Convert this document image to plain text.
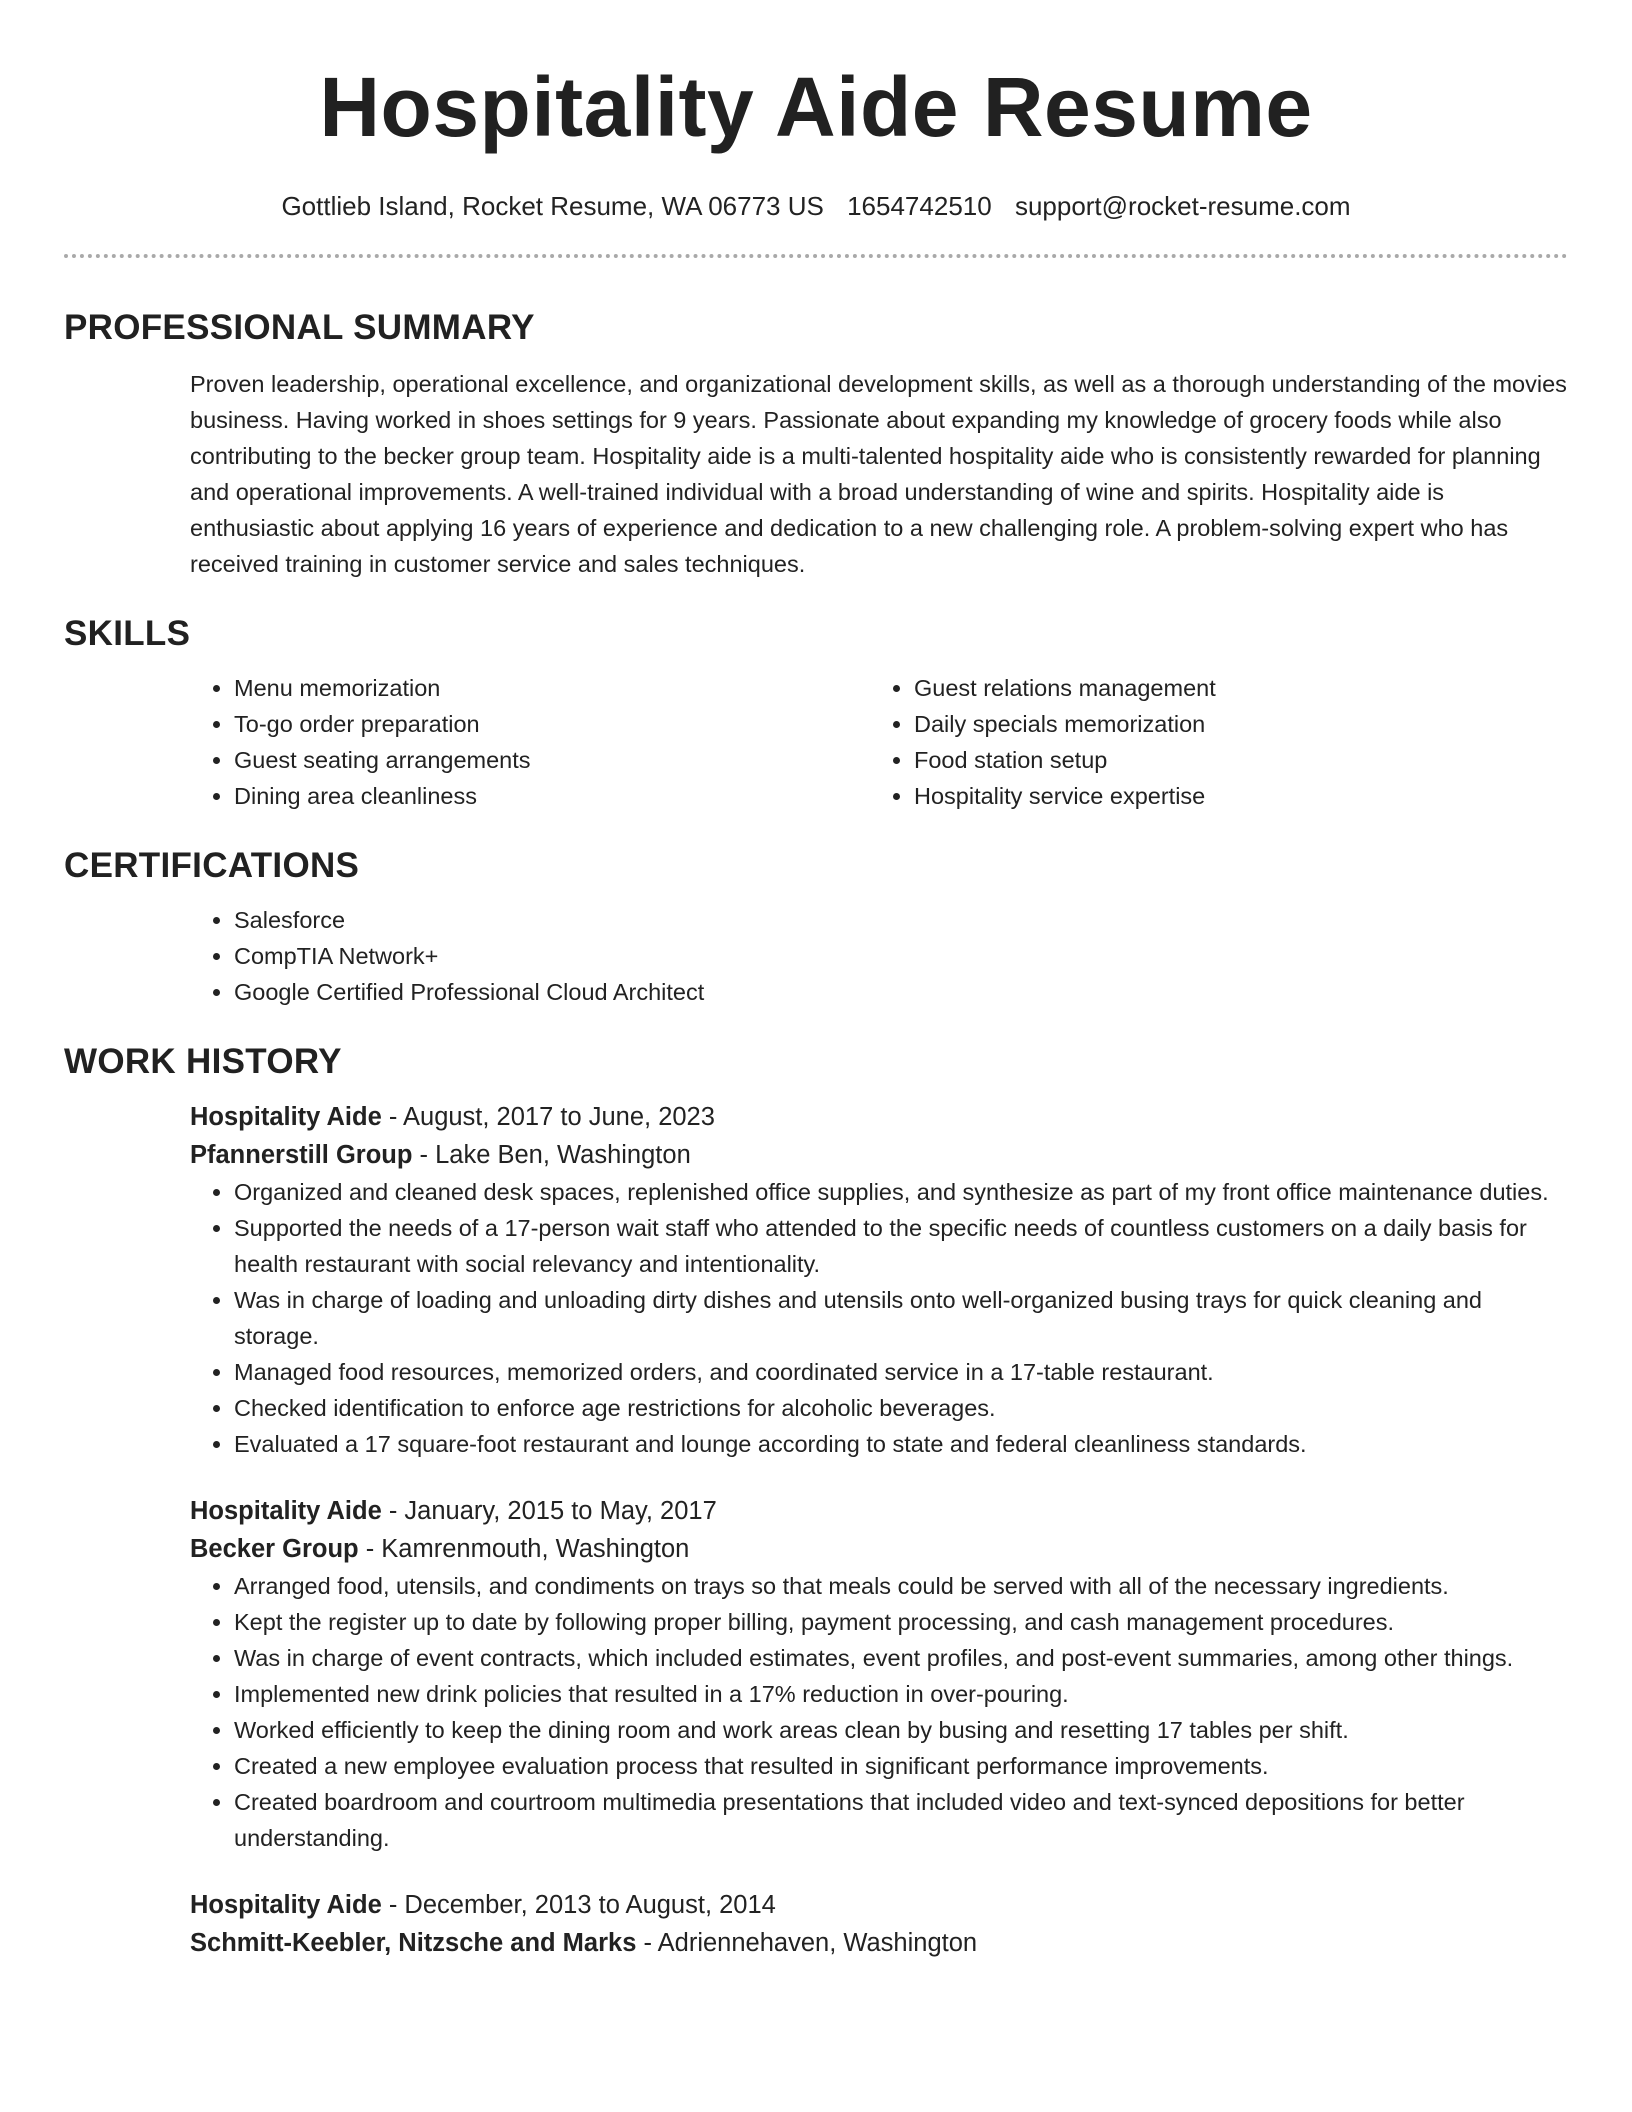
Hospitality Aide Resume
Gottlieb Island, Rocket Resume, WA 06773 US 1654742510 support@rocket-resume.com
PROFESSIONAL SUMMARY

Proven leadership, operational excellence, and organizational development skills, as well as a thorough understanding of the movies business. Having worked in shoes settings for 9 years. Passionate about expanding my knowledge of grocery foods while also contributing to the becker group team. Hospitality aide is a multi-talented hospitality aide who is consistently rewarded for planning and operational improvements. A well-trained individual with a broad understanding of wine and spirits. Hospitality aide is enthusiastic about applying 16 years of experience and dedication to a new challenging role. A problem-solving expert who has received training in customer service and sales techniques.

SKILLS
• Menu memorization
• To-go order preparation
• Guest seating arrangements
• Dining area cleanliness
• Guest relations management
• Daily specials memorization
• Food station setup
• Hospitality service expertise
CERTIFICATIONS
• Salesforce
• CompTIA Network+
• Google Certified Professional Cloud Architect
WORK HISTORY
Hospitality Aide - August, 2017 to June, 2023
Pfannerstill Group - Lake Ben, Washington
• Organized and cleaned desk spaces, replenished office supplies, and synthesize as part of my front office maintenance duties.
• Supported the needs of a 17-person wait staff who attended to the specific needs of countless customers on a daily basis for health restaurant with social relevancy and intentionality.
• Was in charge of loading and unloading dirty dishes and utensils onto well-organized busing trays for quick cleaning and storage.
• Managed food resources, memorized orders, and coordinated service in a 17-table restaurant.
• Checked identification to enforce age restrictions for alcoholic beverages.
• Evaluated a 17 square-foot restaurant and lounge according to state and federal cleanliness standards.
Hospitality Aide - January, 2015 to May, 2017
Becker Group - Kamrenmouth, Washington
• Arranged food, utensils, and condiments on trays so that meals could be served with all of the necessary ingredients.
• Kept the register up to date by following proper billing, payment processing, and cash management procedures.
• Was in charge of event contracts, which included estimates, event profiles, and post-event summaries, among other things.
• Implemented new drink policies that resulted in a 17% reduction in over-pouring.
• Worked efficiently to keep the dining room and work areas clean by busing and resetting 17 tables per shift.
• Created a new employee evaluation process that resulted in significant performance improvements.
• Created boardroom and courtroom multimedia presentations that included video and text-synced depositions for better understanding.
Hospitality Aide - December, 2013 to August, 2014
Schmitt-Keebler, Nitzsche and Marks - Adriennehaven, Washington
